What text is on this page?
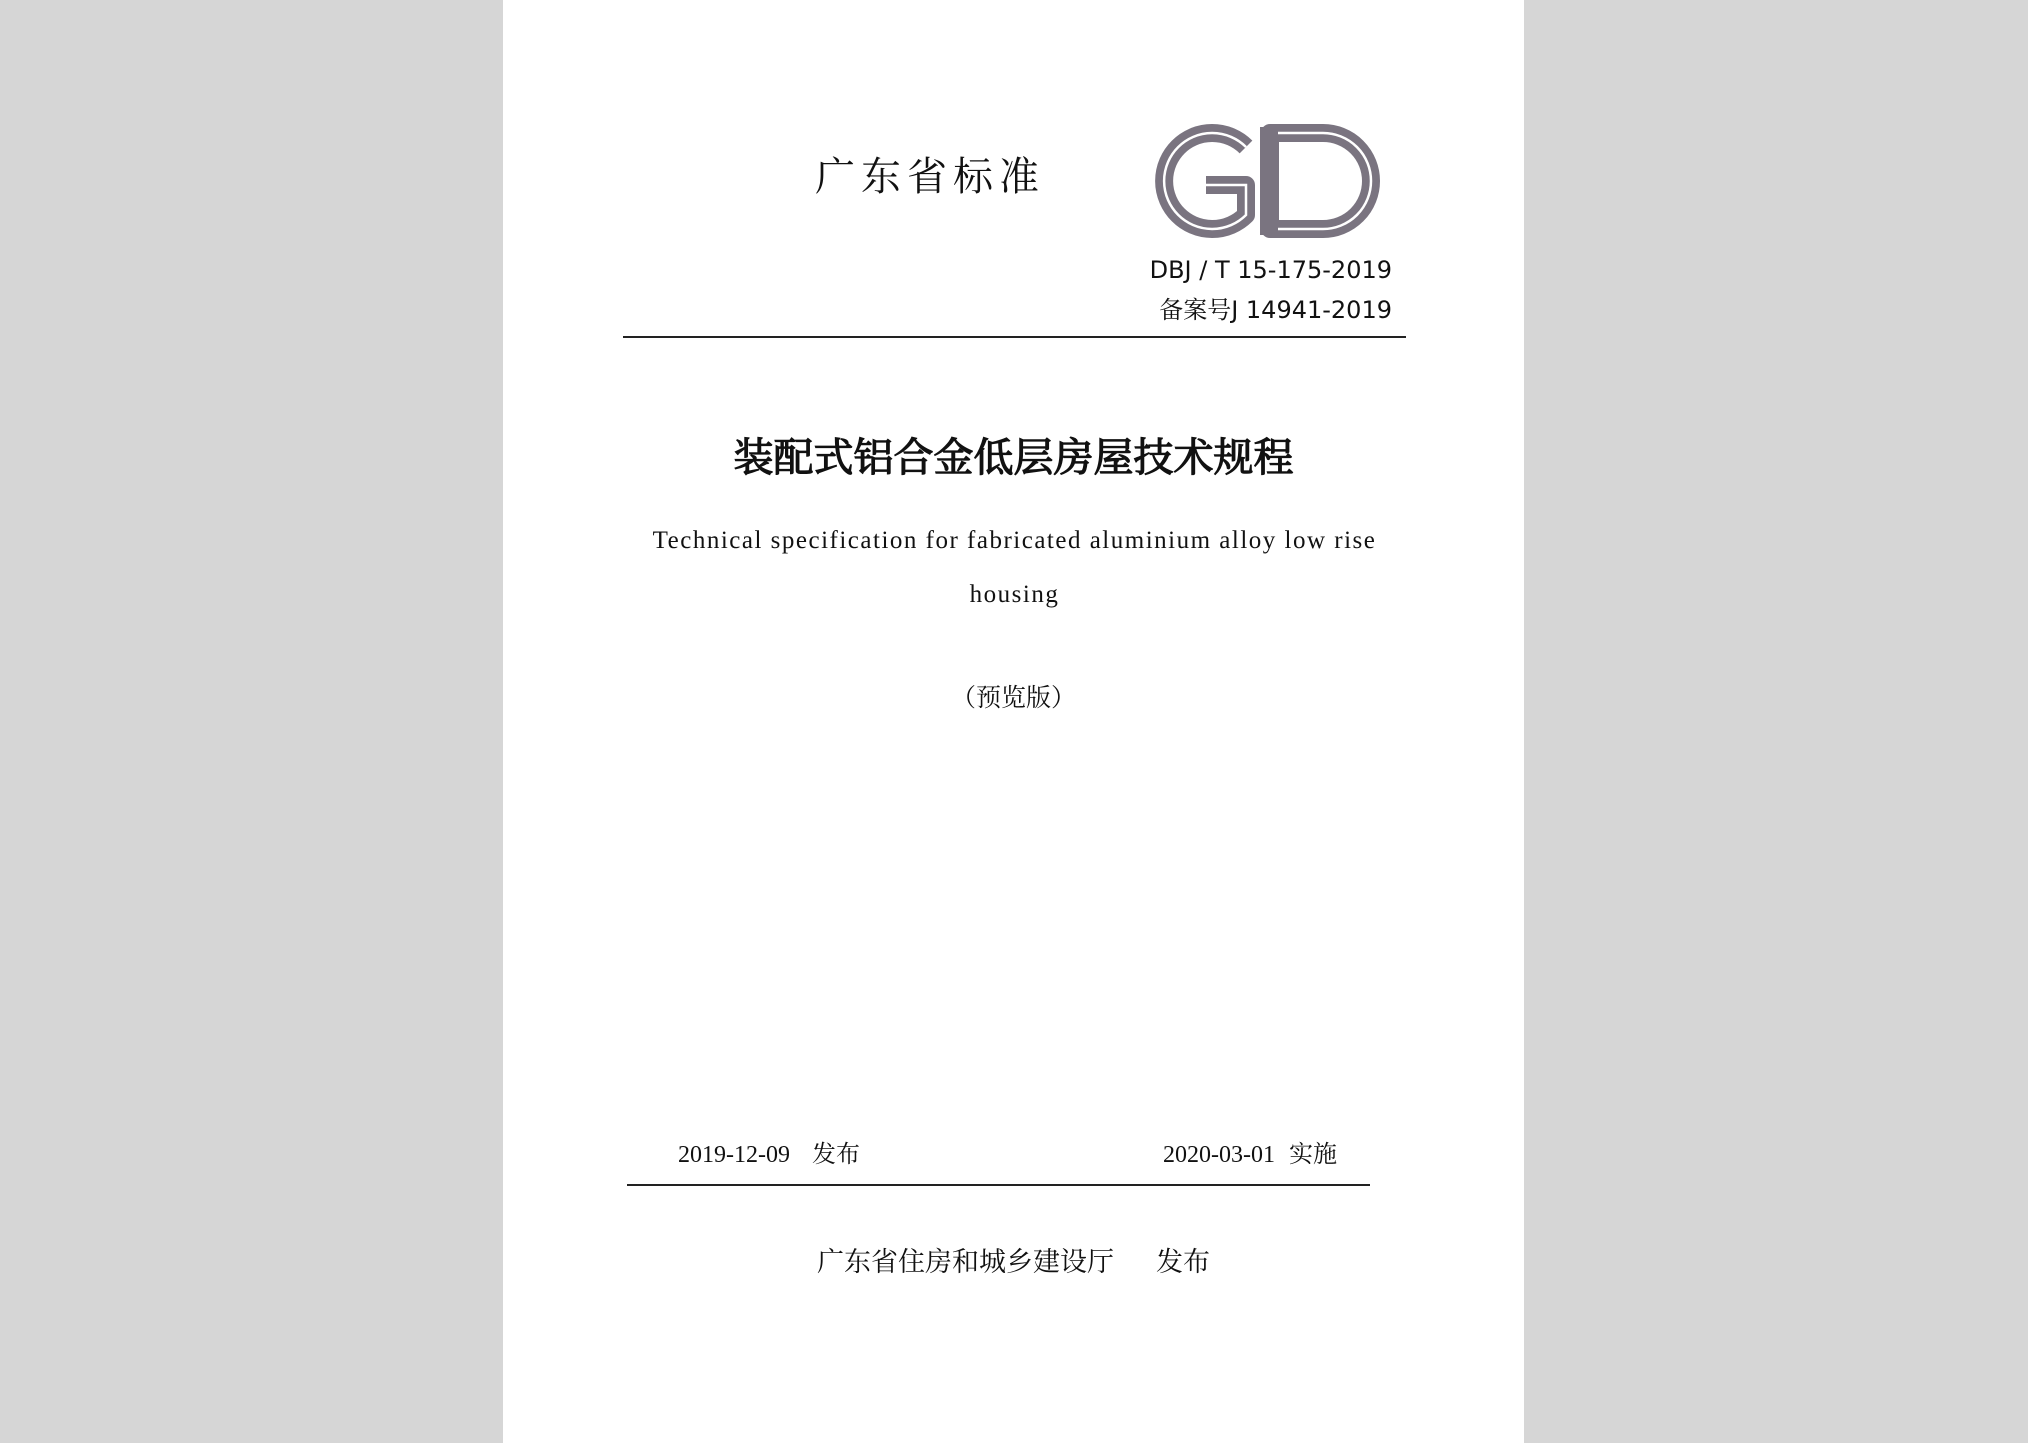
广东省标准
DBJ / T 15-175-2019
备案号J 14941-2019
装配式铝合金低层房屋技术规程
Technical specification for fabricated aluminium alloy low rise housing
（预览版）
2019-12-09 发布	2020-03-01 实施
广东省住房和城乡建设厅 发布
